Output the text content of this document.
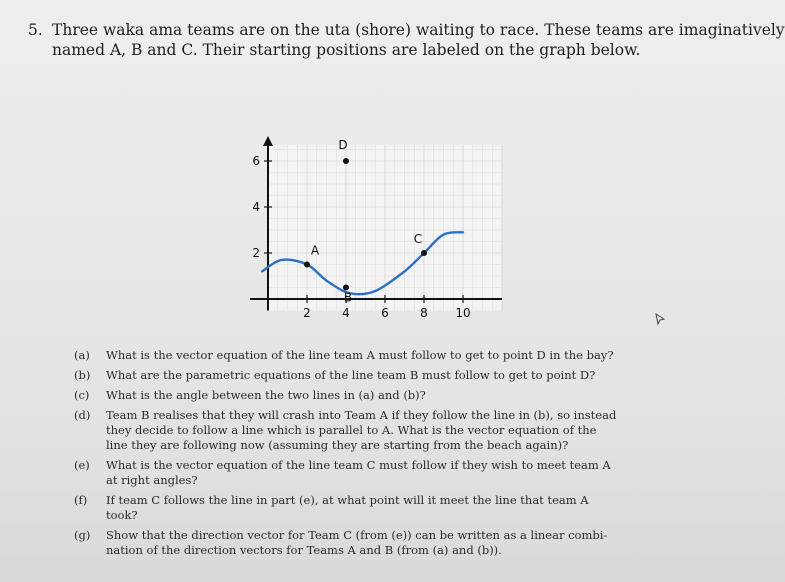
5. Three waka ama teams are on the uta (shore) waiting to race. These teams are imaginatively
named A, B and C. Their starting positions are labeled on the graph below.
2	4	6	8 10
2
4
6
A
B
C
D
(a) What is the vector equation of the line team A must follow to get to point D in the bay?
(b) What are the parametric equations of the line team B must follow to get to point D?
(c) What is the angle between the two lines in (a) and (b)?
(d) Team B realises that they will crash into Team A if they follow the line in (b), so instead
they decide to follow a line which is parallel to A. What is the vector equation of the
line they are following now (assuming they are starting from the beach again)?
(e) What is the vector equation of the line team C must follow if they wish to meet team A
at right angles?
(f) If team C follows the line in part (e), at what point will it meet the line that team A
took?
(g) Show that the direction vector for Team C (from (e)) can be written as a linear combi-
nation of the direction vectors for Teams A and B (from (a) and (b)).
